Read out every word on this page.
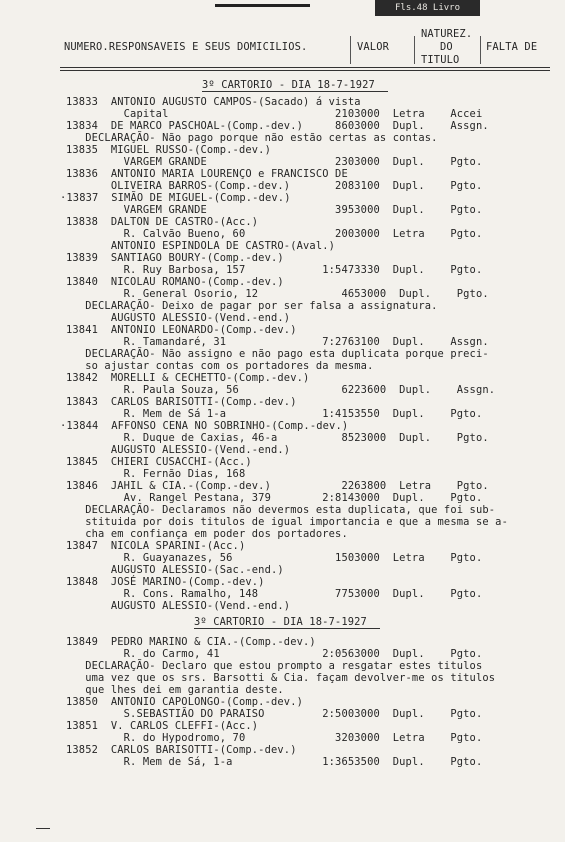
Fls.48 Livro
NUMERO.RESPONSAVEIS E SEUS DOMICILIOS.	VALOR
NATUREZ.
DO
TITULO
FALTA DE
3º CARTORIO - DIA 18-7-1927
13833  ANTONIO AUGUSTO CAMPOS-(Sacado) á vista
Capital                          2103000  Letra    Accei
13834  DE MARCO PASCHOAL-(Comp.-dev.)     8603000  Dupl.    Assgn.
DECLARAÇÃO- Não pago porque não estão certas as contas.
13835  MIGUEL RUSSO-(Comp.-dev.)
VARGEM GRANDE                    2303000  Dupl.    Pgto.
13836  ANTONIO MARIA LOURENÇO e FRANCISCO DE
OLIVEIRA BARROS-(Comp.-dev.)       2083100  Dupl.    Pgto.
·13837  SIMÃO DE MIGUEL-(Comp.-dev.)
VARGEM GRANDE                    3953000  Dupl.    Pgto.
13838  DALTON DE CASTRO-(Acc.)
R. Calvão Bueno, 60              2003000  Letra    Pgto.
ANTONIO ESPINDOLA DE CASTRO-(Aval.)
13839  SANTIAGO BOURY-(Comp.-dev.)
R. Ruy Barbosa, 157            1:5473330  Dupl.    Pgto.
13840  NICOLAU ROMANO-(Comp.-dev.)
R. General Osorio, 12             4653000  Dupl.    Pgto.
DECLARAÇÃO- Deixo de pagar por ser falsa a assignatura.
AUGUSTO ALESSIO-(Vend.-end.)
13841  ANTONIO LEONARDO-(Comp.-dev.)
R. Tamandaré, 31               7:2763100  Dupl.    Assgn.
DECLARAÇÃO- Não assigno e não pago esta duplicata porque preci-
so ajustar contas com os portadores da mesma.
13842  MORELLI & CECHETTO-(Comp.-dev.)
R. Paula Souza, 56                6223600  Dupl.    Assgn.
13843  CARLOS BARISOTTI-(Comp.-dev.)
R. Mem de Sá 1-a               1:4153550  Dupl.    Pgto.
·13844  AFFONSO CENA NO SOBRINHO-(Comp.-dev.)
R. Duque de Caxias, 46-a          8523000  Dupl.    Pgto.
AUGUSTO ALESSIO-(Vend.-end.)
13845  CHIERI CUSACCHI-(Acc.)
R. Fernão Dias, 168
13846  JAHIL & CIA.-(Comp.-dev.)           2263800  Letra    Pgto.
Av. Rangel Pestana, 379        2:8143000  Dupl.    Pgto.
DECLARAÇÃO- Declaramos não devermos esta duplicata, que foi sub-
stituida por dois titulos de igual importancia e que a mesma se a-
cha em confiança em poder dos portadores.
13847  NICOLA SPARINI-(Acc.)
R. Guayanazes, 56                1503000  Letra    Pgto.
AUGUSTO ALESSIO-(Sac.-end.)
13848  JOSÉ MARINO-(Comp.-dev.)
R. Cons. Ramalho, 148            7753000  Dupl.    Pgto.
AUGUSTO ALESSIO-(Vend.-end.)
3º CARTORIO - DIA 18-7-1927
13849  PEDRO MARINO & CIA.-(Comp.-dev.)
R. do Carmo, 41                2:0563000  Dupl.    Pgto.
DECLARAÇÃO- Declaro que estou prompto a resgatar estes titulos
uma vez que os srs. Barsotti & Cia. façam devolver-me os titulos
que lhes dei em garantia deste.
13850  ANTONIO CAPOLONGO-(Comp.-dev.)
S.SEBASTIÃO DO PARAISO         2:5003000  Dupl.    Pgto.
13851  V. CARLOS CLEFFI-(Acc.)
R. do Hypodromo, 70              3203000  Letra    Pgto.
13852  CARLOS BARISOTTI-(Comp.-dev.)
R. Mem de Sá, 1-a              1:3653500  Dupl.    Pgto.
